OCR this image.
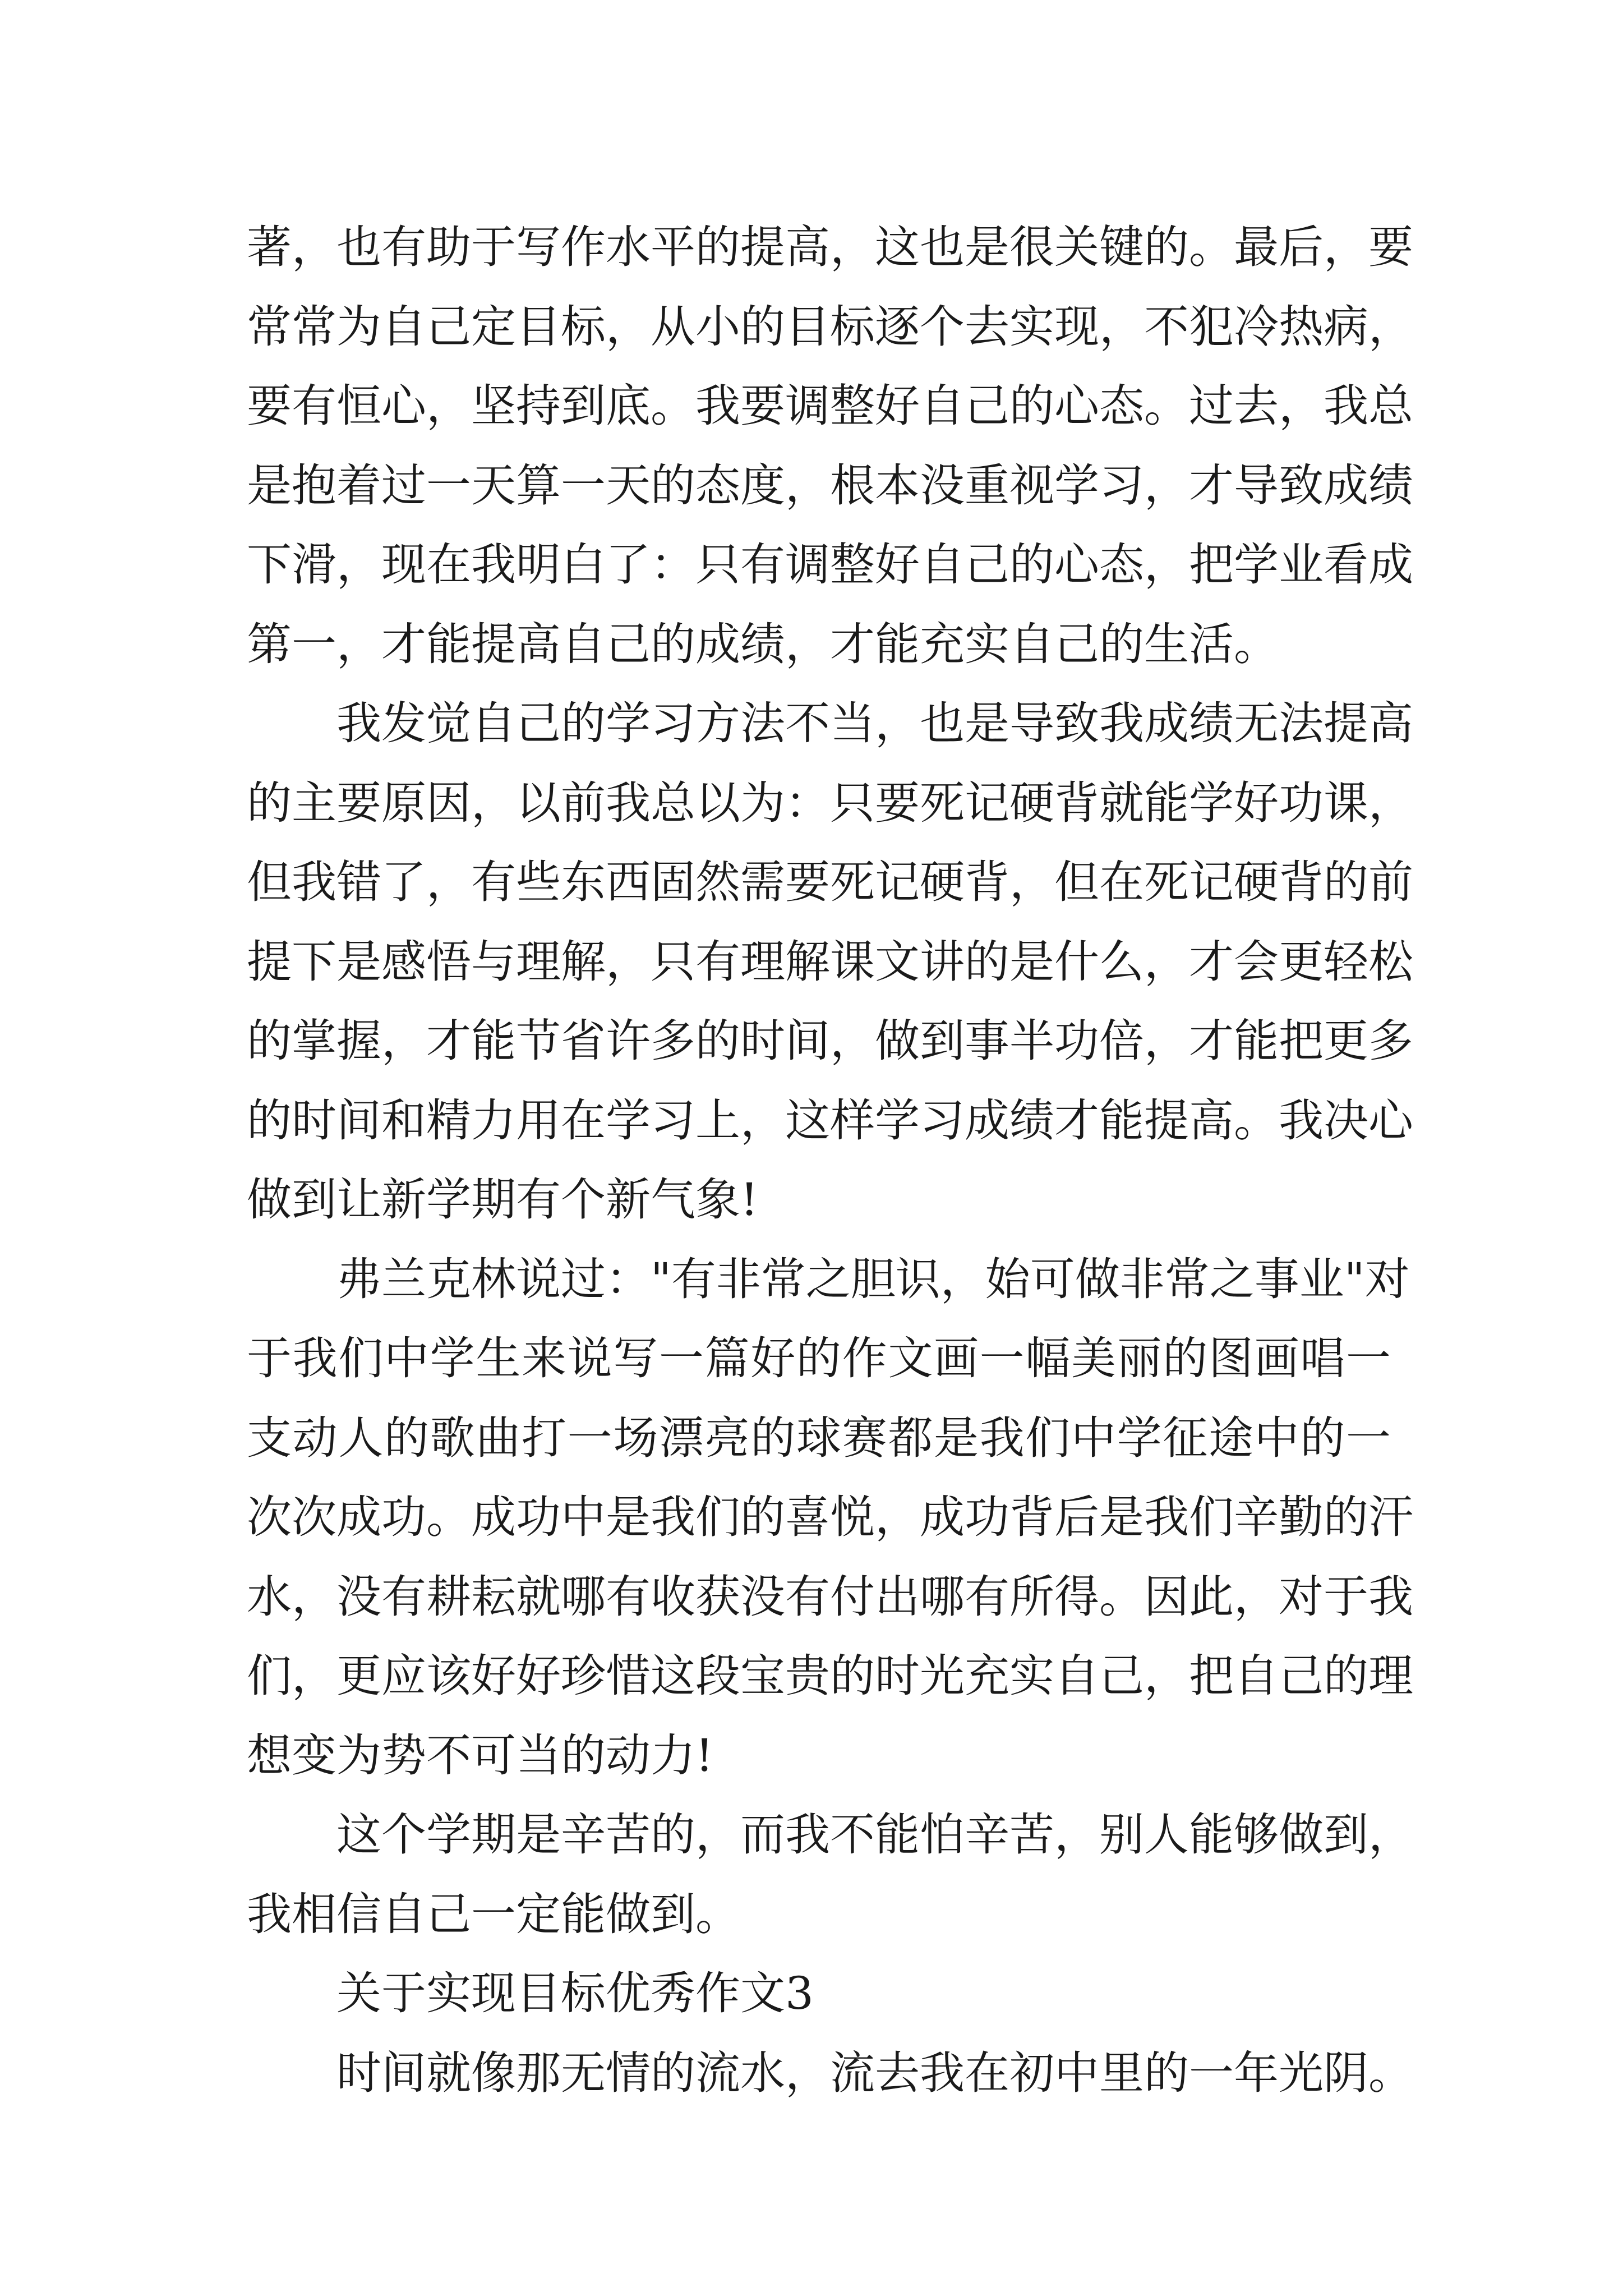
著，也有助于写作水平的提高，这也是很关键的。最后，要
常常为自己定目标，从小的目标逐个去实现，不犯冷热病，
要有恒心，坚持到底。我要调整好自己的心态。过去，我总
是抱着过一天算一天的态度，根本没重视学习，才导致成绩
下滑，现在我明白了：只有调整好自己的心态，把学业看成
第一，才能提高自己的成绩，才能充实自己的生活。
我发觉自己的学习方法不当，也是导致我成绩无法提高
的主要原因，以前我总以为：只要死记硬背就能学好功课，
但我错了，有些东西固然需要死记硬背，但在死记硬背的前
提下是感悟与理解，只有理解课文讲的是什么，才会更轻松
的掌握，才能节省许多的时间，做到事半功倍，才能把更多
的时间和精力用在学习上，这样学习成绩才能提高。我决心
做到让新学期有个新气象!
弗兰克林说过："有非常之胆识，始可做非常之事业"对
于我们中学生来说写一篇好的作文画一幅美丽的图画唱一
支动人的歌曲打一场漂亮的球赛都是我们中学征途中的一
次次成功。成功中是我们的喜悦，成功背后是我们辛勤的汗
水，没有耕耘就哪有收获没有付出哪有所得。因此，对于我
们，更应该好好珍惜这段宝贵的时光充实自己，把自己的理
想变为势不可当的动力!
这个学期是辛苦的，而我不能怕辛苦，别人能够做到，
我相信自己一定能做到。
关于实现目标优秀作文3
时间就像那无情的流水，流去我在初中里的一年光阴。
